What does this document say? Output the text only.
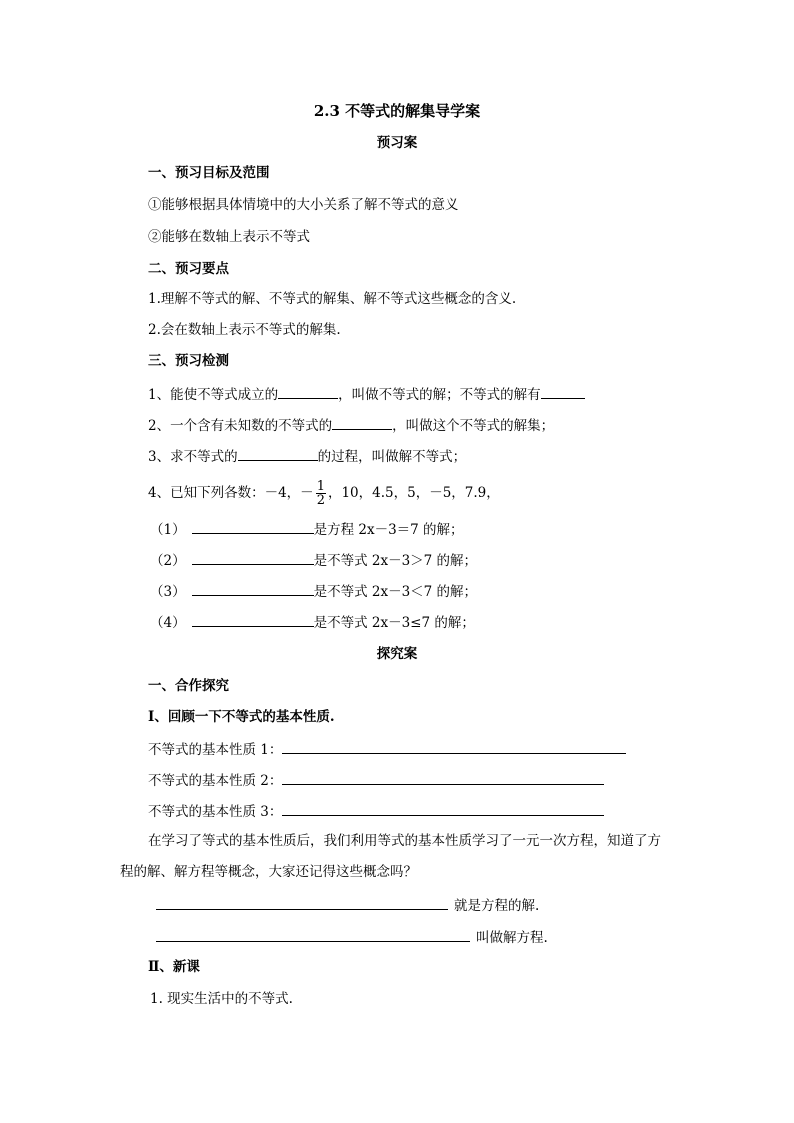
2.3 不等式的解集导学案
预习案
一、预习目标及范围
①能够根据具体情境中的大小关系了解不等式的意义
②能够在数轴上表示不等式
二、预习要点
1.理解不等式的解、不等式的解集、解不等式这些概念的含义.
2.会在数轴上表示不等式的解集.
三、预习检测
1、能使不等式成立的	，叫做不等式的解；不等式的解有
2、一个含有未知数的不等式的	，叫做这个不等式的解集；
3、求不等式的	的过程，叫做解不等式；
4、已知下列各数：－4，－ $\frac{1}{2}$ ，10，4.5，5，－5，7.9，
（1）	是方程 2x－3＝7 的解；
（2）	是不等式 2x－3＞7 的解；
（3）	是不等式 2x－3＜7 的解；
（4）	是不等式 2x－3≤7 的解；
探究案
一、合作探究
Ⅰ、回顾一下不等式的基本性质.
不等式的基本性质 1：
不等式的基本性质 2：
不等式的基本性质 3：
在学习了等式的基本性质后，我们利用等式的基本性质学习了一元一次方程，知道了方
程的解、解方程等概念，大家还记得这些概念吗？
就是方程的解.
叫做解方程.
Ⅱ、新课
1. 现实生活中的不等式.
